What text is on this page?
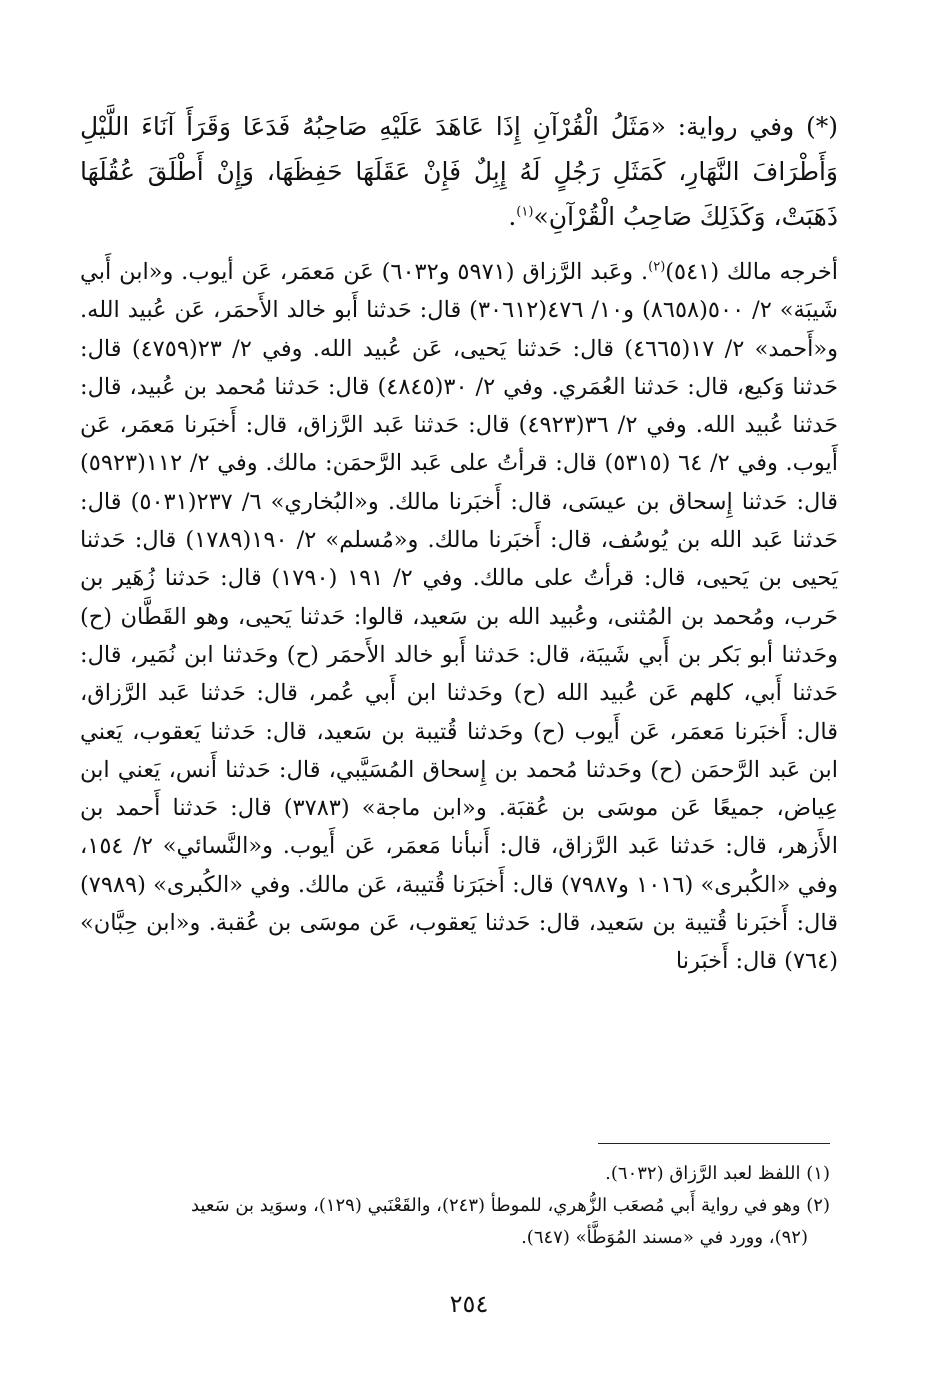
(*) وفي رواية: «مَثَلُ الْقُرْآنِ إِذَا عَاهَدَ عَلَيْهِ صَاحِبُهُ فَدَعَا وَقَرَأَ آنَاءَ اللَّيْلِ وَأَطْرَافَ النَّهَارِ، كَمَثَلِ رَجُلٍ لَهُ إِبِلٌ فَإِنْ عَقَلَهَا حَفِظَهَا، وَإِنْ أَطْلَقَ عُقُلَهَا ذَهَبَتْ، وَكَذَلِكَ صَاحِبُ الْقُرْآنِ»$^{(١)}$.

أخرجه مالك (٥٤١)$^{(٢)}$. وعَبد الرَّزاق (٥٩٧١ و٦٠٣٢) عَن مَعمَر، عَن أيوب. و«ابن أَبي شَيبَة» ٢/ ٥٠٠(٨٦٥٨) و١٠/ ٤٧٦(٣٠٦١٢) قال: حَدثنا أَبو خالد الأَحمَر، عَن عُبيد الله. و«أَحمد» ٢/ ١٧(٤٦٦٥) قال: حَدثنا يَحيى، عَن عُبيد الله. وفي ٢/ ٢٣(٤٧٥٩) قال: حَدثنا وَكيع، قال: حَدثنا العُمَري. وفي ٢/ ٣٠(٤٨٤٥) قال: حَدثنا مُحمد بن عُبيد، قال: حَدثنا عُبيد الله. وفي ٢/ ٣٦(٤٩٢٣) قال: حَدثنا عَبد الرَّزاق، قال: أَخبَرنا مَعمَر، عَن أَيوب. وفي ٢/ ٦٤ (٥٣١٥) قال: قرأتُ على عَبد الرَّحمَن: مالك. وفي ٢/ ١١٢(٥٩٢٣) قال: حَدثنا إِسحاق بن عيسَى، قال: أَخبَرنا مالك. و«البُخاري» ٦/ ٢٣٧(٥٠٣١) قال: حَدثنا عَبد الله بن يُوسُف، قال: أَخبَرنا مالك. و«مُسلم» ٢/ ١٩٠(١٧٨٩) قال: حَدثنا يَحيى بن يَحيى، قال: قرأتُ على مالك. وفي ٢/ ١٩١ (١٧٩٠) قال: حَدثنا زُهَير بن حَرب، ومُحمد بن المُثنى، وعُبيد الله بن سَعيد، قالوا: حَدثنا يَحيى، وهو القَطَّان (ح) وحَدثنا أبو بَكر بن أَبي شَيبَة، قال: حَدثنا أَبو خالد الأَحمَر (ح) وحَدثنا ابن نُمَير، قال: حَدثنا أَبي، كلهم عَن عُبيد الله (ح) وحَدثنا ابن أَبي عُمر، قال: حَدثنا عَبد الرَّزاق، قال: أَخبَرنا مَعمَر، عَن أَيوب (ح) وحَدثنا قُتيبة بن سَعيد، قال: حَدثنا يَعقوب، يَعني ابن عَبد الرَّحمَن (ح) وحَدثنا مُحمد بن إِسحاق المُسَيَّبي، قال: حَدثنا أَنس، يَعني ابن عِياض، جميعًا عَن موسَى بن عُقبَة. و«ابن ماجة» (٣٧٨٣) قال: حَدثنا أَحمد بن الأَزهر، قال: حَدثنا عَبد الرَّزاق، قال: أَنبأنا مَعمَر، عَن أَيوب. و«النَّسائي» ٢/ ١٥٤، وفي «الكُبرى» (١٠١٦ و٧٩٨٧) قال: أَخبَرَنا قُتيبة، عَن مالك. وفي «الكُبرى» (٧٩٨٩) قال: أَخبَرنا قُتيبة بن سَعيد، قال: حَدثنا يَعقوب، عَن موسَى بن عُقبة. و«ابن حِبَّان» (٧٦٤) قال: أَخبَرنا

(١) اللفظ لعبد الرَّزاق (٦٠٣٢).

(٢) وهو في رواية أَبي مُصعَب الزُّهري، للموطأ (٢٤٣)، والقَعْنَبي (١٢٩)، وسوَيد بن سَعيد

(٩٢)، وورد في «مسند المُوَطَّأ» (٦٤٧).

٢٥٤
